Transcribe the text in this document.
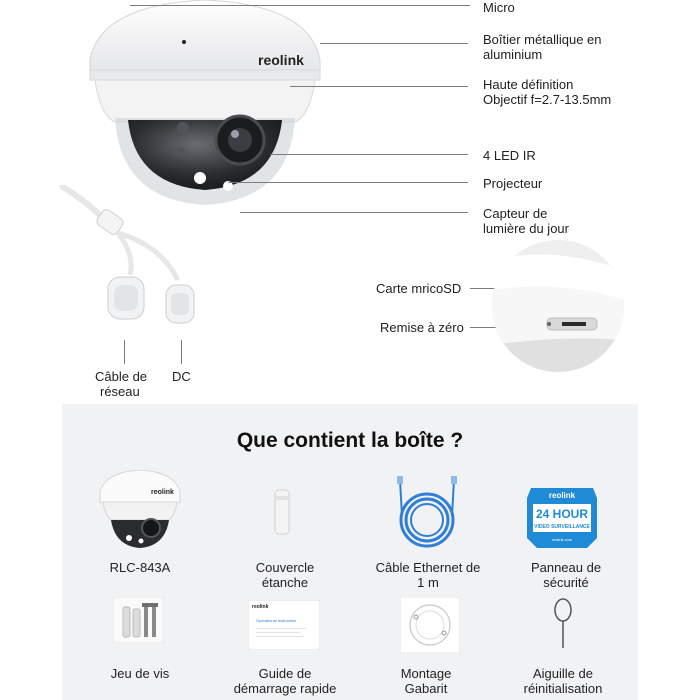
reolink
Micro
Boîtier métallique en
aluminium
Haute définition
Objectif f=2.7-13.5mm
4 LED IR
Projecteur
Capteur de
lumière du jour
Carte mricoSD
Remise à zéro
Câble de
réseau
DC
Que contient la boîte ?
reolink	reolink
24 HOUR
VIDEO SURVEILLANCE
reolink.com
RLC-843A	Couvercle
étanche
Câble Ethernet de
1 m
Panneau de
sécurité
reolink
Operational Instruction
Jeu de vis	Guide de
démarrage rapide
Montage
Gabarit
Aiguille de
réinitialisation
